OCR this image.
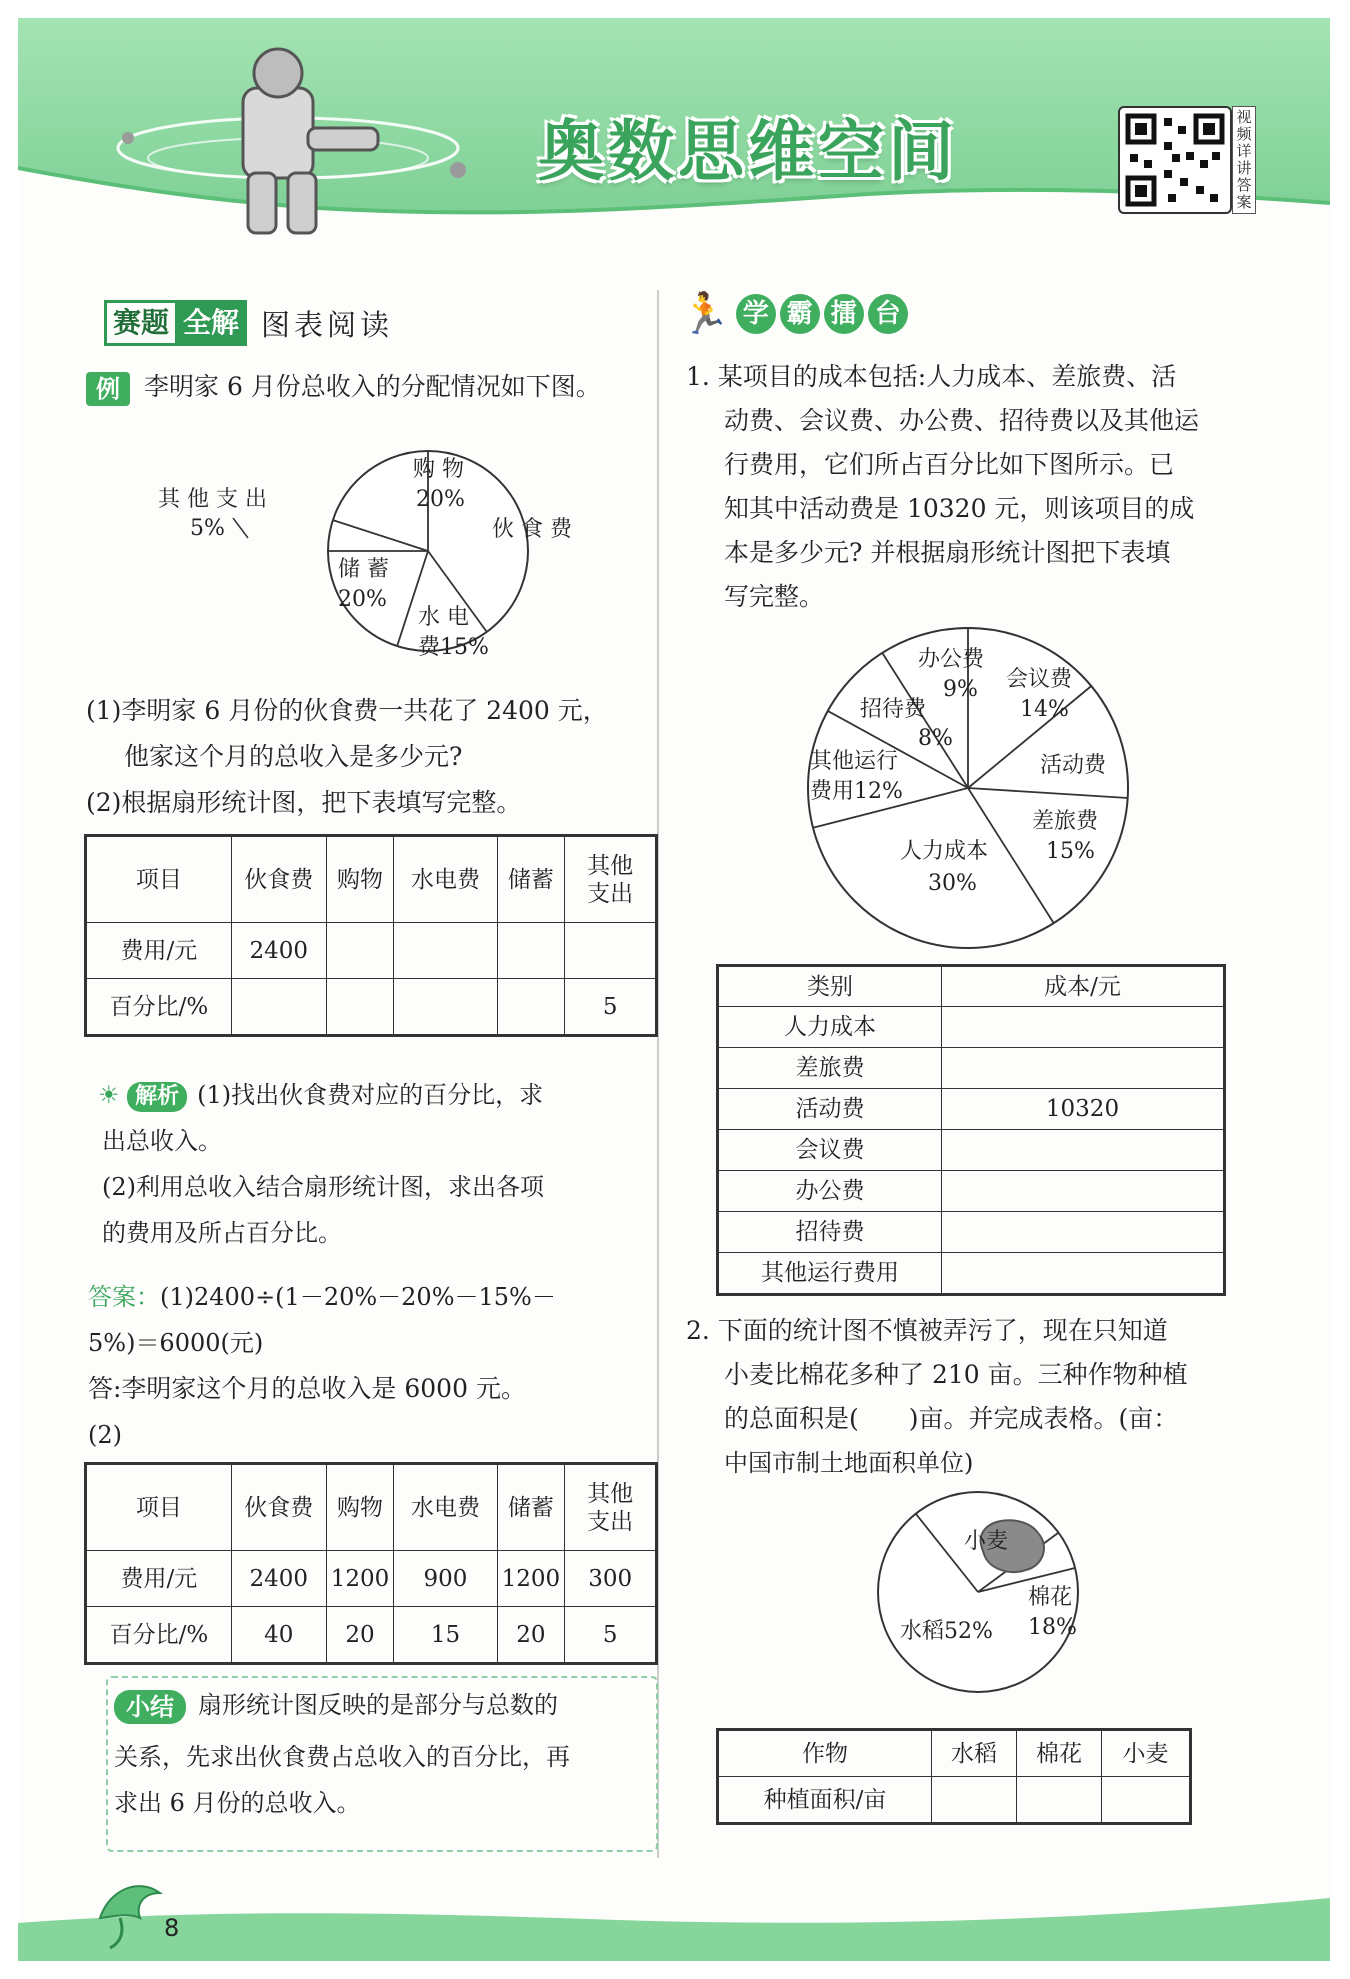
奥数思维空间	视频详讲答案
赛题 全解 图表阅读
例 李明家 6 月份总收入的分配情况如下图。
购 物
20%
伙 食 费
其 他 支 出
5%
储 蓄
20%
水 电
费15%
(1)李明家 6 月份的伙食费一共花了 2400 元，
他家这个月的总收入是多少元?
(2)根据扇形统计图，把下表填写完整。
项目	伙食费	购物	水电费	储蓄	其他
支出

费用/元	2400				
百分比/%					5
☀ 解析 (1)找出伙食费对应的百分比，求
出总收入。
(2)利用总收入结合扇形统计图，求出各项
的费用及所占百分比。
答案：(1)2400÷(1－20%－20%－15%－
5%)＝6000(元)
答:李明家这个月的总收入是 6000 元。
(2)
项目	伙食费	购物	水电费	储蓄	其他
支出

费用/元	2400	1200	900	1200	300
百分比/%	40	20	15	20	5
小结 扇形统计图反映的是部分与总数的
关系，先求出伙食费占总收入的百分比，再
求出 6 月份的总收入。
🏃 学 霸 擂 台
1. 某项目的成本包括:人力成本、差旅费、活
动费、会议费、办公费、招待费以及其他运
行费用，它们所占百分比如下图所示。已
知其中活动费是 10320 元，则该项目的成
本是多少元? 并根据扇形统计图把下表填
写完整。
办公费
9% 会议费
14%
招待费
8%
其他运行
费用12%
活动费
差旅费
15%
人力成本
30%
类别	成本/元
人力成本	
差旅费	
活动费	10320
会议费	
办公费	
招待费	
其他运行费用	
2. 下面的统计图不慎被弄污了，现在只知道
小麦比棉花多种了 210 亩。三种作物种植
的总面积是(　　)亩。并完成表格。(亩：
中国市制土地面积单位)
小麦
棉花
18%
水稻52%
作物	水稻	棉花	小麦
种植面积/亩			
8
